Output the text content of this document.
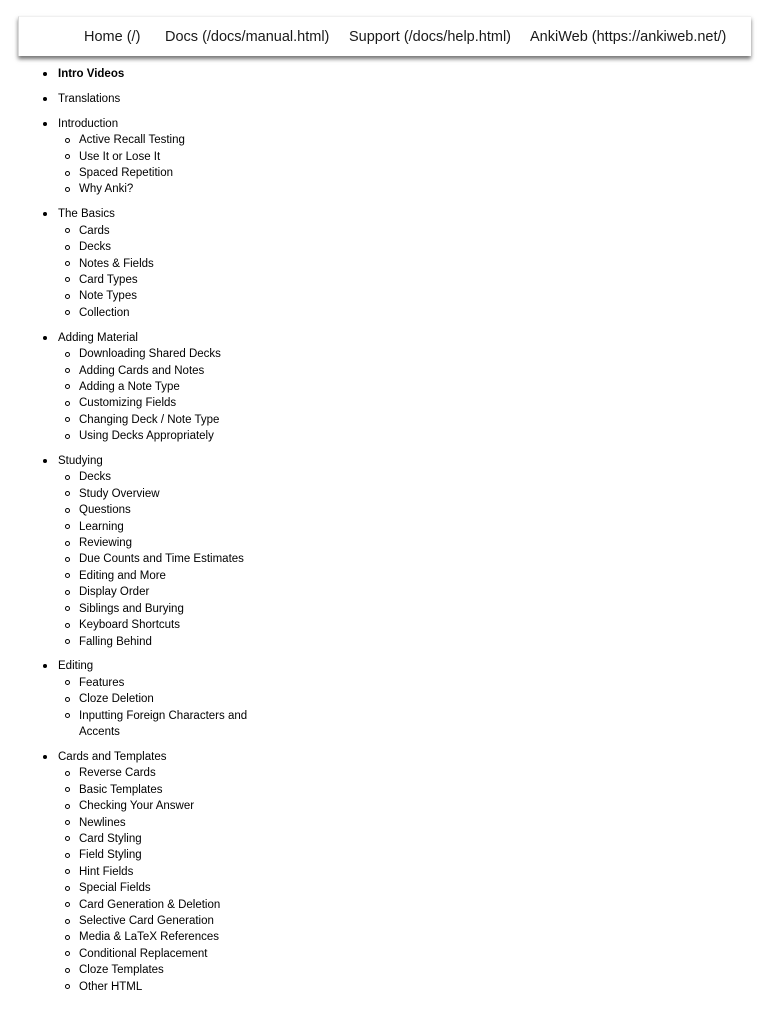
Home (/) Docs (/docs/manual.html) Support (/docs/help.html) AnkiWeb (https://ankiweb.net/)
Intro Videos
Translations
Introduction
Active Recall Testing
Use It or Lose It
Spaced Repetition
Why Anki?
The Basics
Cards
Decks
Notes & Fields
Card Types
Note Types
Collection
Adding Material
Downloading Shared Decks
Adding Cards and Notes
Adding a Note Type
Customizing Fields
Changing Deck / Note Type
Using Decks Appropriately
Studying
Decks
Study Overview
Questions
Learning
Reviewing
Due Counts and Time Estimates
Editing and More
Display Order
Siblings and Burying
Keyboard Shortcuts
Falling Behind
Editing
Features
Cloze Deletion
Inputting Foreign Characters and Accents
Cards and Templates
Reverse Cards
Basic Templates
Checking Your Answer
Newlines
Card Styling
Field Styling
Hint Fields
Special Fields
Card Generation & Deletion
Selective Card Generation
Media & LaTeX References
Conditional Replacement
Cloze Templates
Other HTML
